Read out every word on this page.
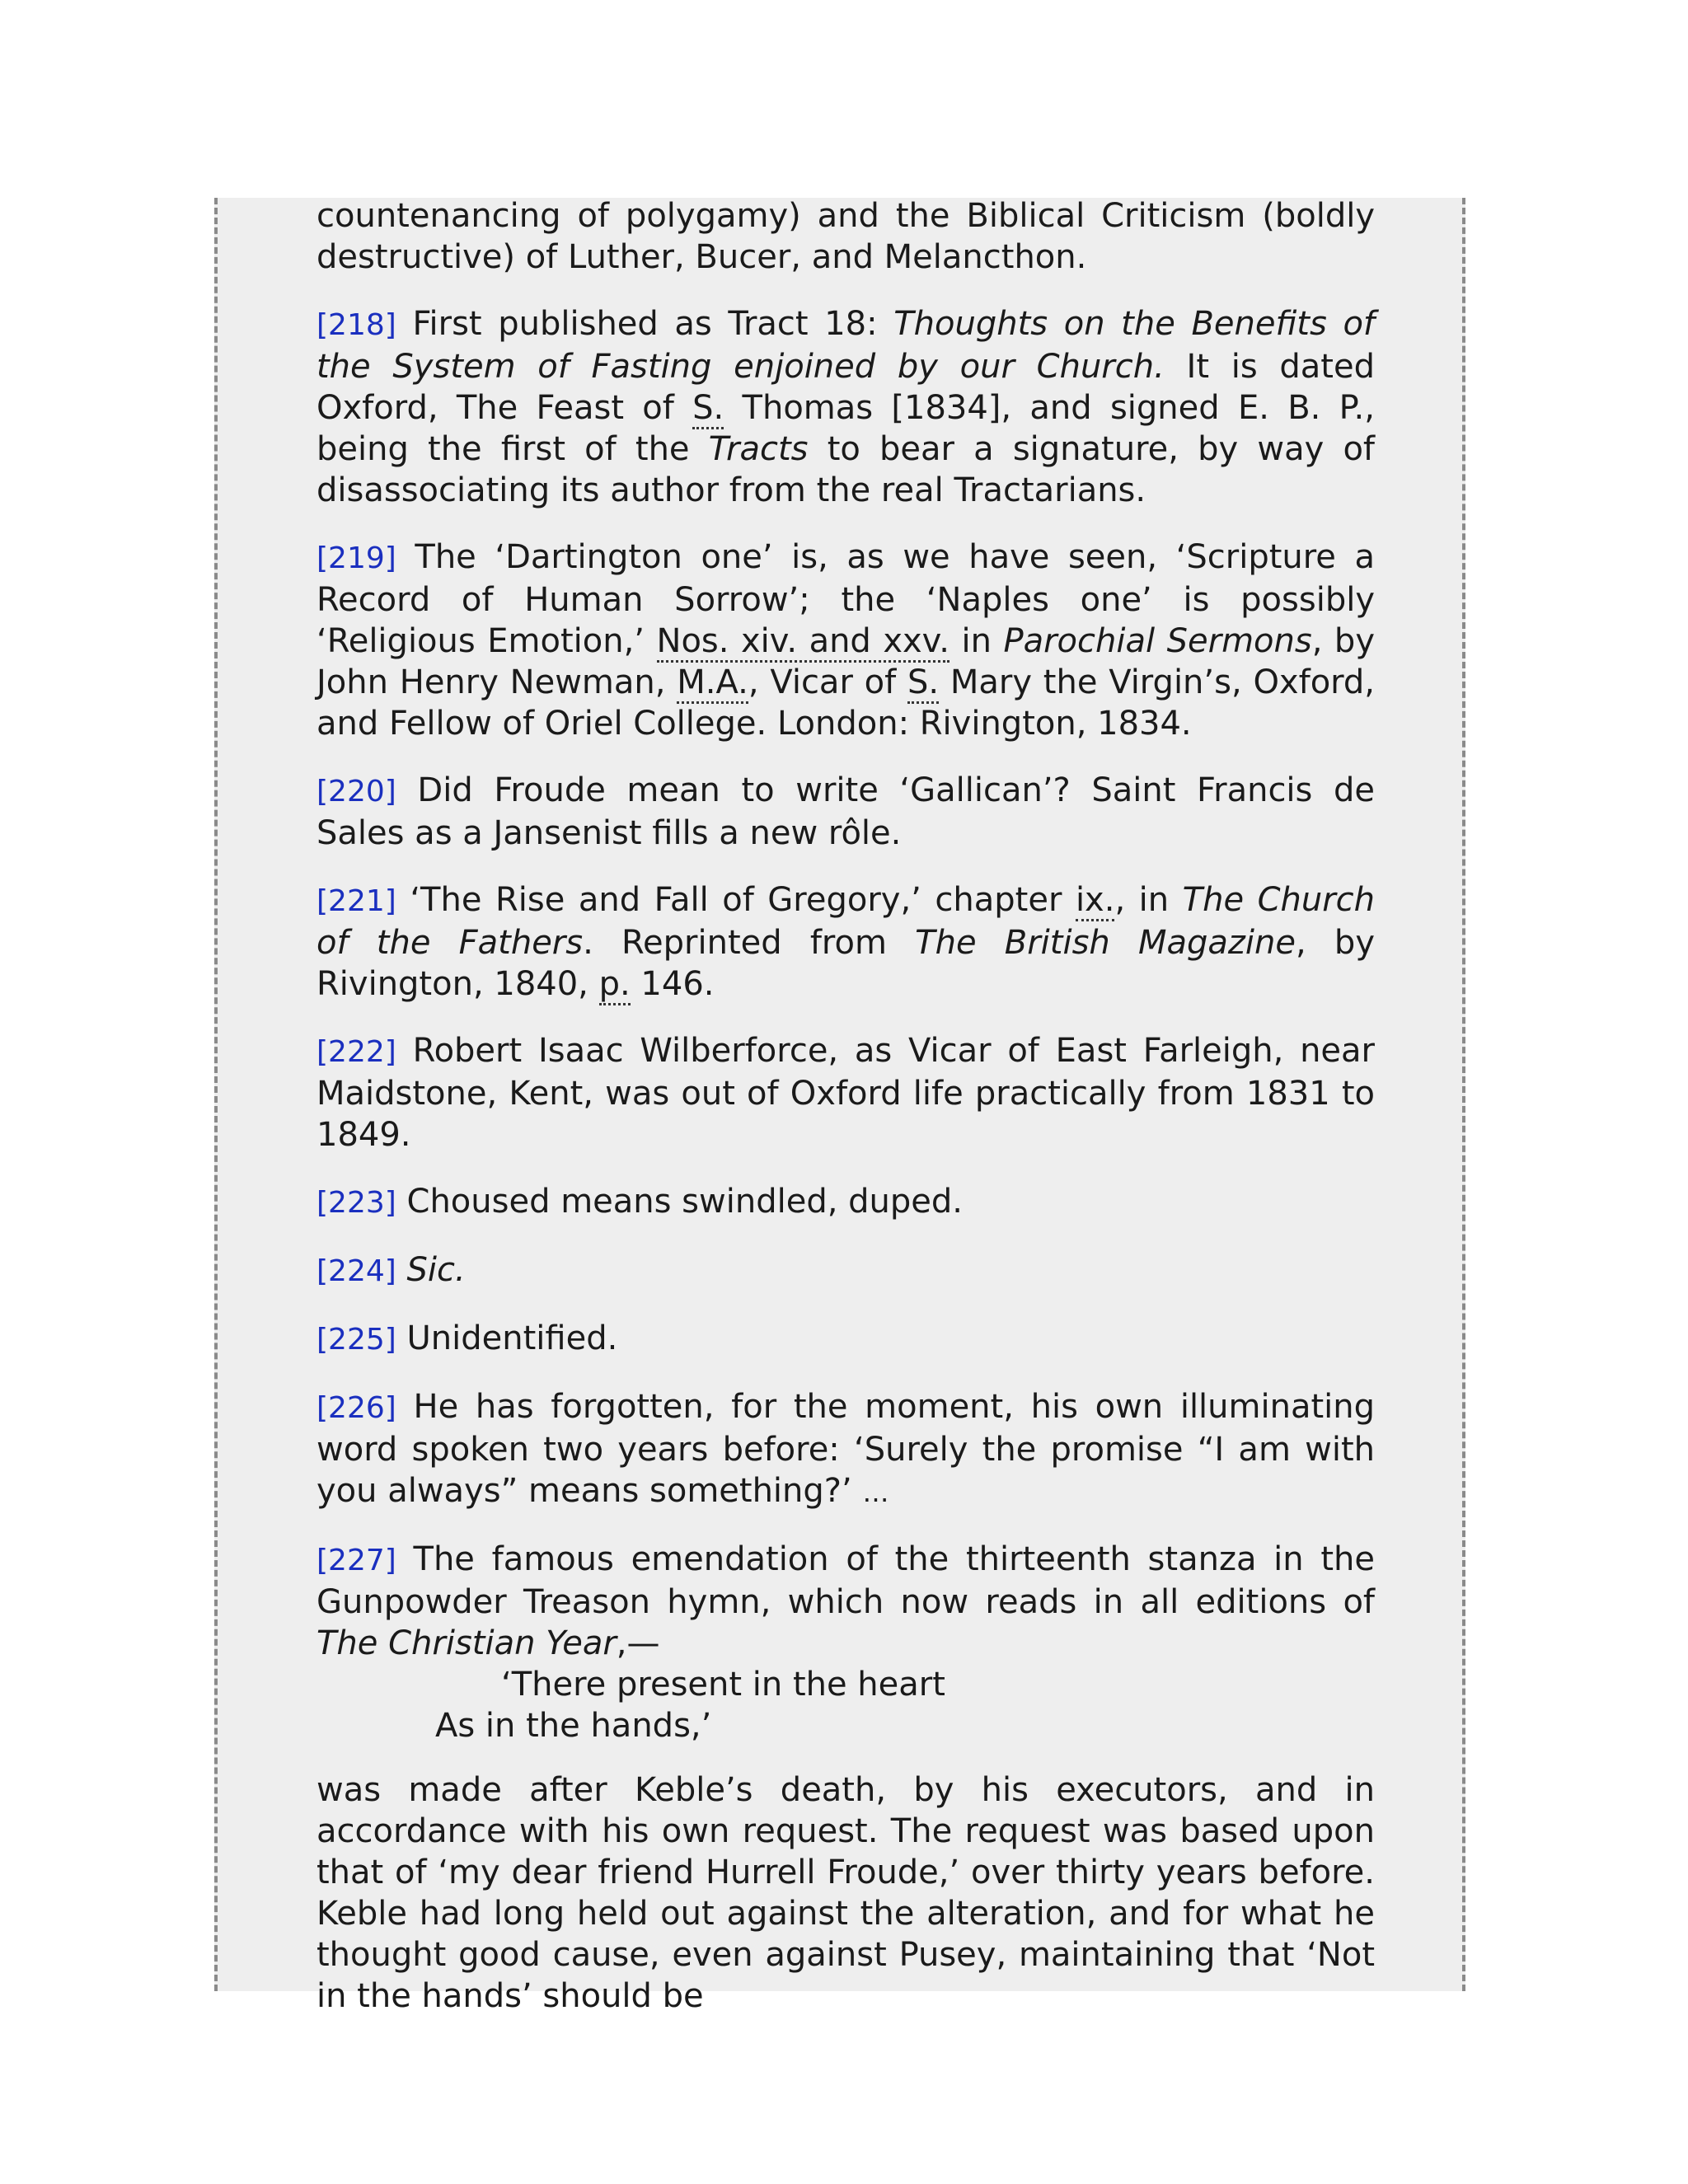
countenancing of polygamy) and the Biblical Criticism (boldly destructive) of Luther, Bucer, and Melancthon.

[218] First published as Tract 18: Thoughts on the Benefits of the System of Fasting enjoined by our Church. It is dated Oxford, The Feast of S. Thomas [1834], and signed E. B. P., being the first of the Tracts to bear a signature, by way of disassociating its author from the real Tractarians.

[219] The ‘Dartington one’ is, as we have seen, ‘Scripture a Record of Human Sorrow’; the ‘Naples one’ is possibly ‘Religious Emotion,’ Nos. xiv. and xxv. in Parochial Sermons, by John Henry Newman, M.A., Vicar of S. Mary the Virgin’s, Oxford, and Fellow of Oriel College. London: Rivington, 1834.

[220] Did Froude mean to write ‘Gallican’? Saint Francis de Sales as a Jansenist fills a new rôle.

[221] ‘The Rise and Fall of Gregory,’ chapter ix., in The Church of the Fathers. Reprinted from The British Magazine, by Rivington, 1840, p. 146.

[222] Robert Isaac Wilberforce, as Vicar of East Farleigh, near Maidstone, Kent, was out of Oxford life practically from 1831 to 1849.

[223] Choused means swindled, duped.

[224] Sic.

[225] Unidentified.

[226] He has forgotten, for the moment, his own illuminating word spoken two years before: ‘Surely the promise “I am with you always” means something?’ …

[227] The famous emendation of the thirteenth stanza in the Gunpowder Treason hymn, which now reads in all editions of The Christian Year,—

‘There present in the heart
As in the hands,’

was made after Keble’s death, by his executors, and in accordance with his own request. The request was based upon that of ‘my dear friend Hurrell Froude,’ over thirty years before. Keble had long held out against the alteration, and for what he thought good cause, even against Pusey, maintaining that ‘Not in the hands’ should be
